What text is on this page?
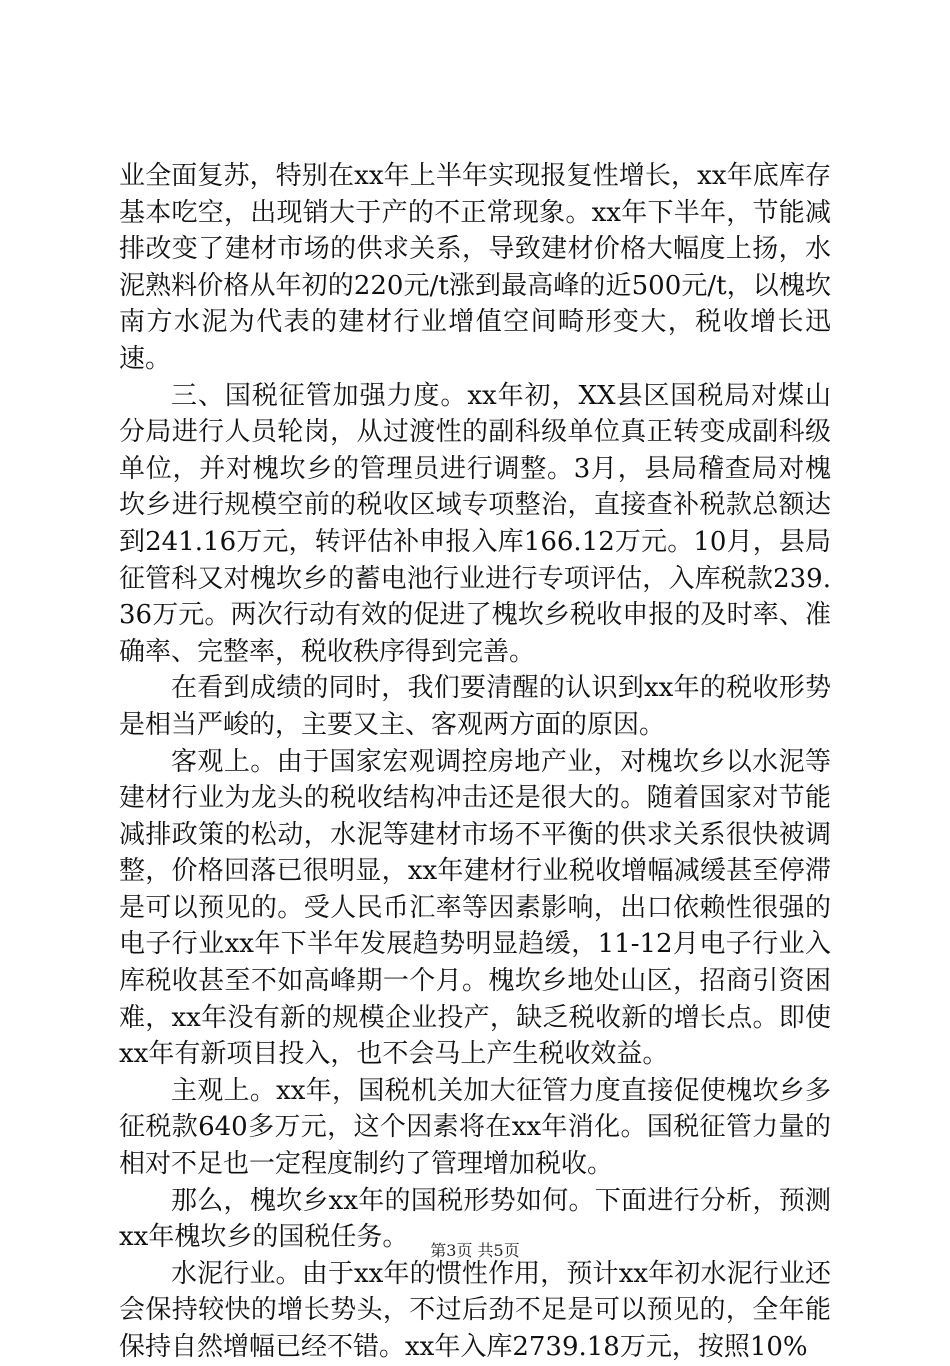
业全面复苏，特别在xx年上半年实现报复性增长，xx年底库存基本吃空，出现销大于产的不正常现象。xx年下半年，节能减排改变了建材市场的供求关系，导致建材价格大幅度上扬，水泥熟料价格从年初的220元/t涨到最高峰的近500元/t，以槐坎南方水泥为代表的建材行业增值空间畸形变大，税收增长迅速。

三、国税征管加强力度。xx年初，XX县区国税局对煤山分局进行人员轮岗，从过渡性的副科级单位真正转变成副科级单位，并对槐坎乡的管理员进行调整。3月，县局稽查局对槐坎乡进行规模空前的税收区域专项整治，直接查补税款总额达到241.16万元，转评估补申报入库166.12万元。10月，县局征管科又对槐坎乡的蓄电池行业进行专项评估，入库税款239.36万元。两次行动有效的促进了槐坎乡税收申报的及时率、准确率、完整率，税收秩序得到完善。

在看到成绩的同时，我们要清醒的认识到xx年的税收形势是相当严峻的，主要又主、客观两方面的原因。

客观上。由于国家宏观调控房地产业，对槐坎乡以水泥等建材行业为龙头的税收结构冲击还是很大的。随着国家对节能减排政策的松动，水泥等建材市场不平衡的供求关系很快被调整，价格回落已很明显，xx年建材行业税收增幅减缓甚至停滞是可以预见的。受人民币汇率等因素影响，出口依赖性很强的电子行业xx年下半年发展趋势明显趋缓，11-12月电子行业入库税收甚至不如高峰期一个月。槐坎乡地处山区，招商引资困难，xx年没有新的规模企业投产，缺乏税收新的增长点。即使xx年有新项目投入，也不会马上产生税收效益。

主观上。xx年，国税机关加大征管力度直接促使槐坎乡多征税款640多万元，这个因素将在xx年消化。国税征管力量的相对不足也一定程度制约了管理增加税收。

那么，槐坎乡xx年的国税形势如何。下面进行分析，预测xx年槐坎乡的国税任务。

水泥行业。由于xx年的惯性作用，预计xx年初水泥行业还会保持较快的增长势头，不过后劲不足是可以预见的，全年能保持自然增幅已经不错。xx年入库2739.18万元，按照10%

第3页 共5页
